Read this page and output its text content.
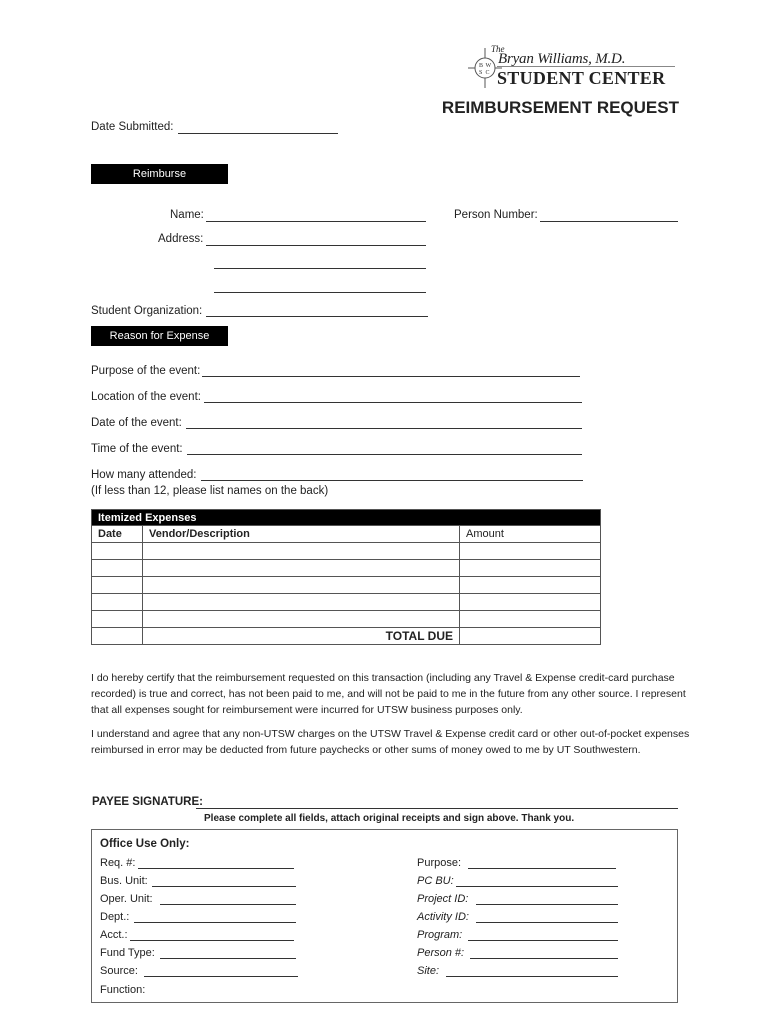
B W
S C
The
Bryan Williams, M.D.
STUDENT CENTER
REIMBURSEMENT REQUEST
Date Submitted:
Reimburse
Name:	Person Number:
Address:
Student Organization:
Reason for Expense
Purpose of the event:
Location of the event:
Date of the event:
Time of the event:
How many attended:
(If less than 12, please list names on the back)
Itemized Expenses		
Date	Vendor/Description	Amount

	TOTAL DUE	
I do hereby certify that the reimbursement requested on this transaction (including any Travel & Expense credit-card purchase recorded) is true and correct, has not been paid to me, and will not be paid to me in the future from any other source. I represent that all expenses sought for reimbursement were incurred for UTSW business purposes only.
I understand and agree that any non-UTSW charges on the UTSW Travel & Expense credit card or other out-of-pocket expenses reimbursed in error may be deducted from future paychecks or other sums of money owed to me by UT Southwestern.
PAYEE SIGNATURE:
Please complete all fields, attach original receipts and sign above. Thank you.
Office Use Only:
Req. #:
Bus. Unit:
Oper. Unit:
Dept.:
Acct.:
Fund Type:
Source:
Function:
Purpose:
PC BU:
Project ID:
Activity ID:
Program:
Person #:
Site:
